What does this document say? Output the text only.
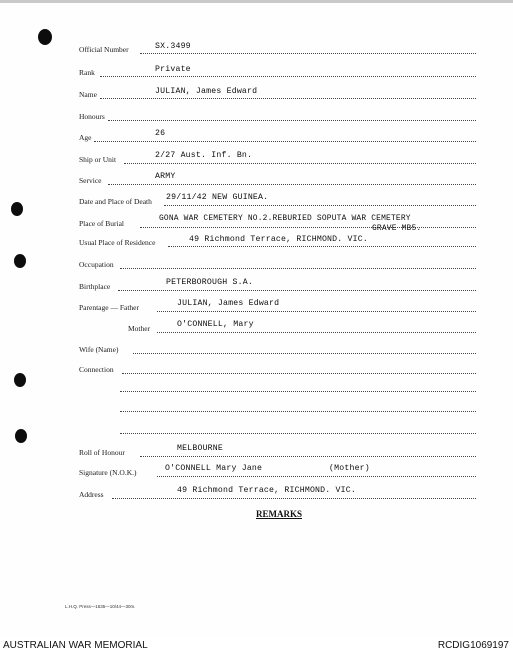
Official Number	SX.3499
Rank	Private
Name	JULIAN, James Edward
Honours
Age	26
Ship or Unit	2/27 Aust. Inf. Bn.
Service	ARMY
Date and Place of Death 29/11/42 NEW GUINEA.
Place of Burial
GONA WAR CEMETERY NO.2.REBURIED SOPUTA WAR CEMETERY
GRAVE MB5.
Usual Place of Residence	49 Richmond Terrace, RICHMOND. VIC.
Occupation
Birthplace	PETERBOROUGH S.A.
Parentage — Father	JULIAN, James Edward
Mother	O'CONNELL, Mary
Wife (Name)
Connection
Roll of Honour	MELBOURNE
Signature (N.O.K.)	O'CONNELL Mary Jane	(Mother)
Address	49 Richmond Terrace, RICHMOND. VIC.
REMARKS
L.H.Q. Press—1635—10/44—30m.
AUSTRALIAN WAR MEMORIAL	RCDIG1069197
